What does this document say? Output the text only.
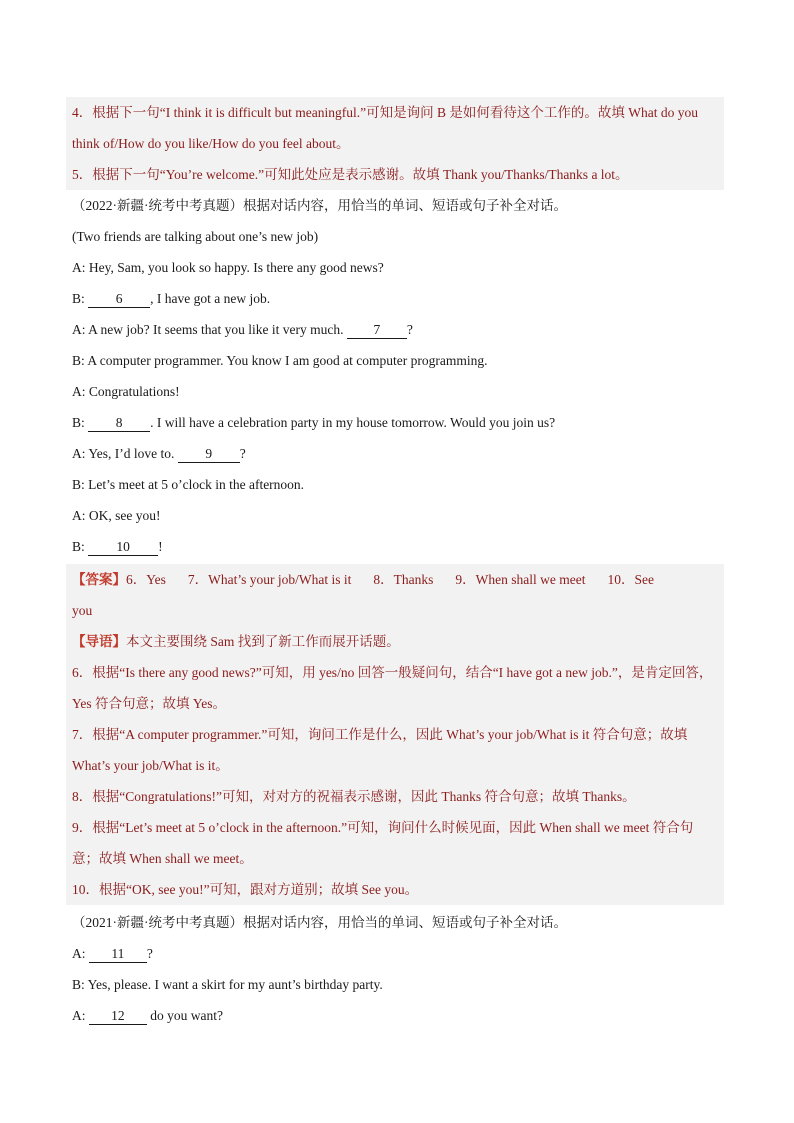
4．根据下一句“I think it is difficult but meaningful.”可知是询问 B 是如何看待这个工作的。故填 What do you
think of/How do you like/How do you feel about。
5．根据下一句“You’re welcome.”可知此处应是表示感谢。故填 Thank you/Thanks/Thanks a lot。
（2022·新疆·统考中考真题）根据对话内容，用恰当的单词、短语或句子补全对话。
(Two friends are talking about one’s new job)
A: Hey, Sam, you look so happy. Is there any good news?
B: 6 , I have got a new job.
A: A new job? It seems that you like it very much. 7 ?
B: A computer programmer. You know I am good at computer programming.
A: Congratulations!
B: 8 . I will have a celebration party in my house tomorrow. Would you join us?
A: Yes, I’d love to. 9 ?
B: Let’s meet at 5 o’clock in the afternoon.
A: OK, see you!
B: 10 !
【答案】6．Yes 7．What’s your job/What is it 8．Thanks 9．When shall we meet 10．See
you
【导语】本文主要围绕 Sam 找到了新工作而展开话题。
6．根据“Is there any good news?”可知，用 yes/no 回答一般疑问句，结合“I have got a new job.”，是肯定回答，
Yes 符合句意；故填 Yes。
7．根据“A computer programmer.”可知，询问工作是什么，因此 What’s your job/What is it 符合句意；故填
What’s your job/What is it。
8．根据“Congratulations!”可知，对对方的祝福表示感谢，因此 Thanks 符合句意；故填 Thanks。
9．根据“Let’s meet at 5 o’clock in the afternoon.”可知，询问什么时候见面，因此 When shall we meet 符合句
意；故填 When shall we meet。
10．根据“OK, see you!”可知，跟对方道别；故填 See you。
（2021·新疆·统考中考真题）根据对话内容，用恰当的单词、短语或句子补全对话。
A: 11 ?
B: Yes, please. I want a skirt for my aunt’s birthday party.
A: 12 do you want?
